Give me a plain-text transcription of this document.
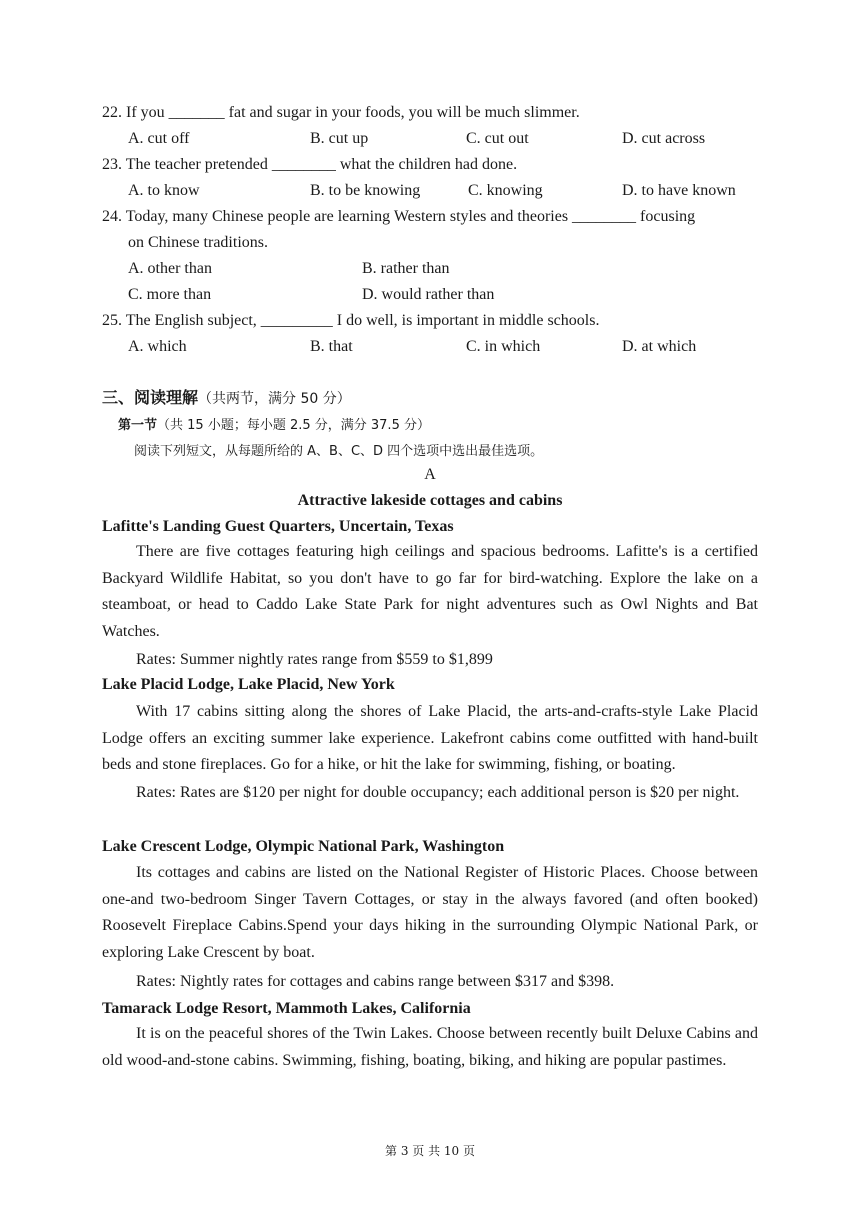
22. If you _______ fat and sugar in your foods, you will be much slimmer.
A. cut off	B. cut up	C. cut out	D. cut across
23. The teacher pretended ________ what the children had done.
A. to know	B. to be knowing	C. knowing	D. to have known
24. Today, many Chinese people are learning Western styles and theories ________ focusing
on Chinese traditions.
A. other than	B. rather than
C. more than	D. would rather than
25. The English subject, _________ I do well, is important in middle schools.
A. which	B. that	C. in which	D. at which
三、阅读理解（共两节，满分 50 分）
第一节（共 15 小题；每小题 2.5 分，满分 37.5 分）
阅读下列短文，从每题所给的 A、B、C、D 四个选项中选出最佳选项。
A
Attractive lakeside cottages and cabins
Lafitte's Landing Guest Quarters, Uncertain, Texas

There are five cottages featuring high ceilings and spacious bedrooms. Lafitte's is a certified Backyard Wildlife Habitat, so you don't have to go far for bird-watching. Explore the lake on a steamboat, or head to Caddo Lake State Park for night adventures such as Owl Nights and Bat Watches.

Rates: Summer nightly rates range from $559 to $1,899
Lake Placid Lodge, Lake Placid, New York

With 17 cabins sitting along the shores of Lake Placid, the arts-and-crafts-style Lake Placid Lodge offers an exciting summer lake experience. Lakefront cabins come outfitted with hand-built beds and stone fireplaces. Go for a hike, or hit the lake for swimming, fishing, or boating.

Rates: Rates are $120 per night for double occupancy; each additional person is $20 per night.

Lake Crescent Lodge, Olympic National Park, Washington

Its cottages and cabins are listed on the National Register of Historic Places. Choose between one-and two-bedroom Singer Tavern Cottages, or stay in the always favored (and often booked) Roosevelt Fireplace Cabins.Spend your days hiking in the surrounding Olympic National Park, or exploring Lake Crescent by boat.

Rates: Nightly rates for cottages and cabins range between $317 and $398.
Tamarack Lodge Resort, Mammoth Lakes, California

It is on the peaceful shores of the Twin Lakes. Choose between recently built Deluxe Cabins and old wood-and-stone cabins. Swimming, fishing, boating, biking, and hiking are popular pastimes.

第 3 页 共 10 页
